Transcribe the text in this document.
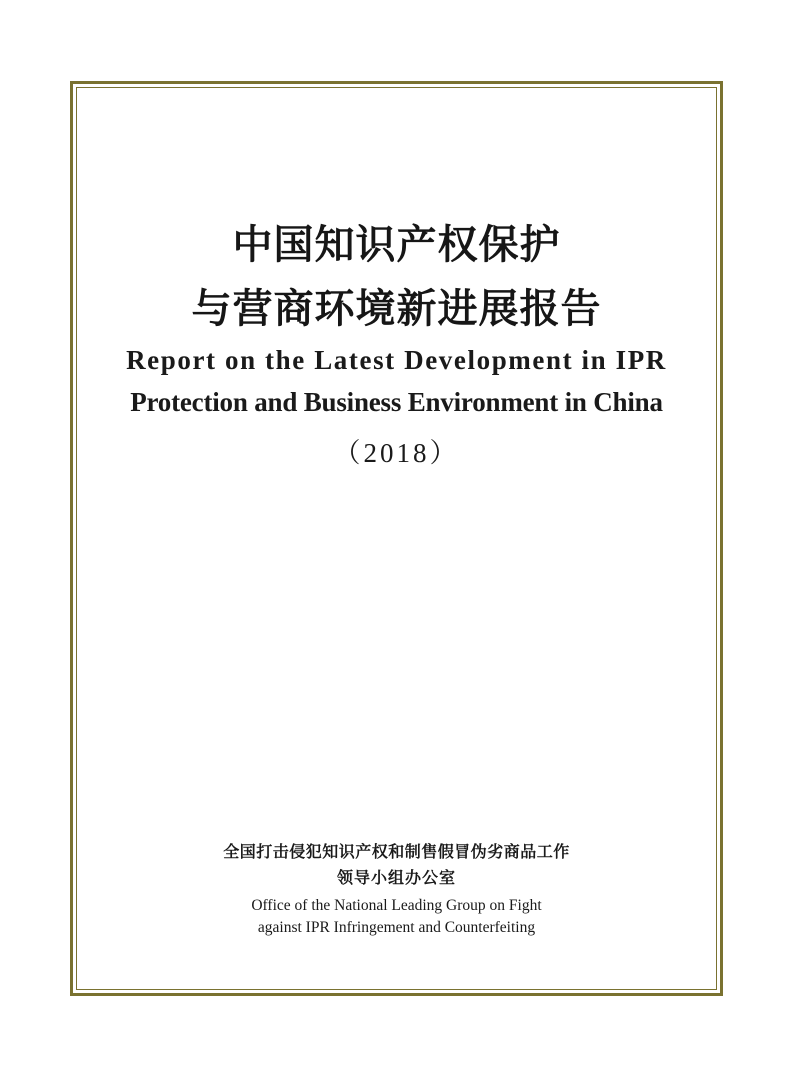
中国知识产权保护
与营商环境新进展报告
Report on the Latest Development in IPR
Protection and Business Environment in China
（2018）

全国打击侵犯知识产权和制售假冒伪劣商品工作

领导小组办公室

Office of the National Leading Group on Fight

against IPR Infringement and Counterfeiting
